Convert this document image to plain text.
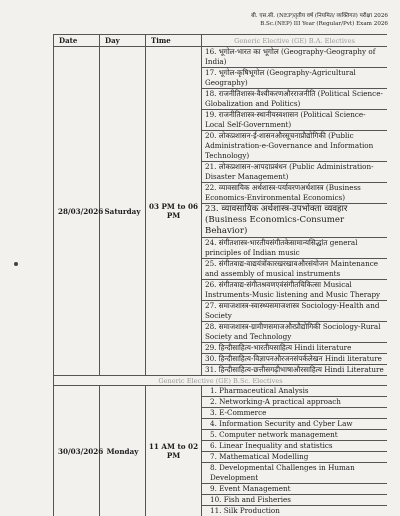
बी. एस.सी. (NEP)तृतीय वर्ष (नियमित/ व्यक्तिगत) परीक्षा 2026
B.Sc.(NEP) III Year (Regular/Pvt) Exam 2026
Date	Day	Time	Generic Elective (GE) B.A. Electives
28/03/2026	Saturday	03 PM to 06 PM	16. भूगोल-भारत का भूगोल (Geography-Geography of India)
			17. भूगोल-कृषिभूगोल (Geography-Agricultural Geography)
			18. राजनीतिशास्त्र-वैश्वीकरणऔरराजनीति (Political Science-Globalization and Politics)
			19. राजनीतिशास्त्र-स्थानीयस्वशासन (Political Science-Local Self-Government)
			20. लोकप्रशासन-ई-शासनऔरसूचनाप्रौद्योगिकी (Public Administration-e-Governance and Information Technology)
			21. लोकप्रशासन-आपदाप्रबंधन (Public Administration-Disaster Management)
			22. व्यावसायिक अर्थशास्त्र-पर्यावरणअर्थशास्त्र (Business Economics-Environmental Economics)
			23. व्यावसायिक अर्थशास्त्र-उपभोक्ता व्यवहार (Business Economics-Consumer Behavior)
			24. संगीतशास्त्र-भारतीयसंगीतकेसामान्यसिद्धांत general principles of Indian music
			25. संगीतवाद्य-वाद्ययंत्रोंकारखरखावऔरसंयोजन Maintenance and assembly of musical instruments
			26. संगीतवाद्य-संगीतश्रवणएवंसंगीतचिकित्सा Musical Instruments-Music listening and Music Therapy
			27. समाजशास्त्र-स्वास्थ्यसमाजशास्त्र Sociology-Health and Society
			28. समाजशास्त्र-ग्रामीणसमाजऔरप्रौद्योगिकी Sociology-Rural Society and Technology
			29. हिन्दीसाहित्य-भारतीयसाहित्य Hindi literature
			30. हिन्दीसाहित्य-विज्ञापनऔरजनसंपर्कलेखन Hindi literature
			31. हिन्दीसाहित्य-छत्तीसगढ़ीभाषाऔरसाहित्य Hindi Literature
Generic Elective (GE) B.Sc. Electives			
30/03/2026	Monday	11 AM to 02 PM	1. Pharmaceutical Analysis
			2. Networking-A practical approach
			3. E-Commerce
			4. Information Security and Cyber Law
			5. Computer network management
			6. Linear Inequality and statistics
			7. Mathematical Modelling
			8. Developmental Challenges in Human Development
			9. Event Management
			10. Fish and Fisheries
			11. Silk Production
